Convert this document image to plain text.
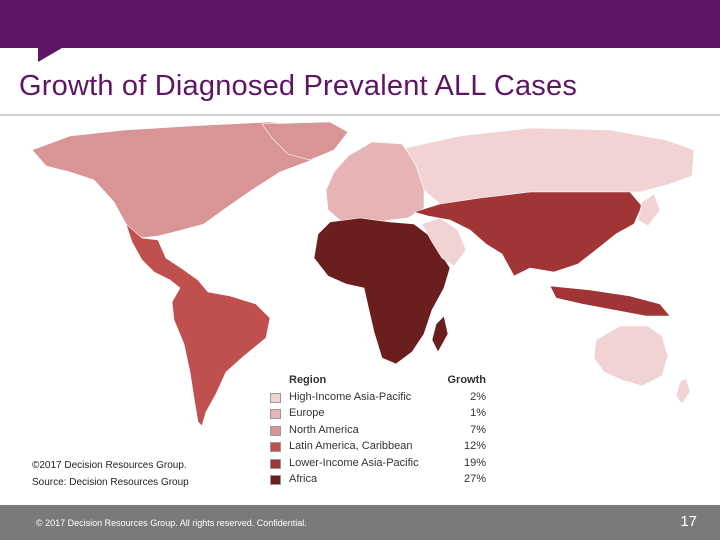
Growth of Diagnosed Prevalent ALL Cases
Region	Growth
High-Income Asia-Pacific	2%
Europe	1%
North America	7%
Latin America, Caribbean	12%
Lower-Income Asia-Pacific	19%
Africa	27%
©2017 Decision Resources Group.
Source: Decision Resources Group
© 2017 Decision Resources Group. All rights reserved. Confidential.	17
